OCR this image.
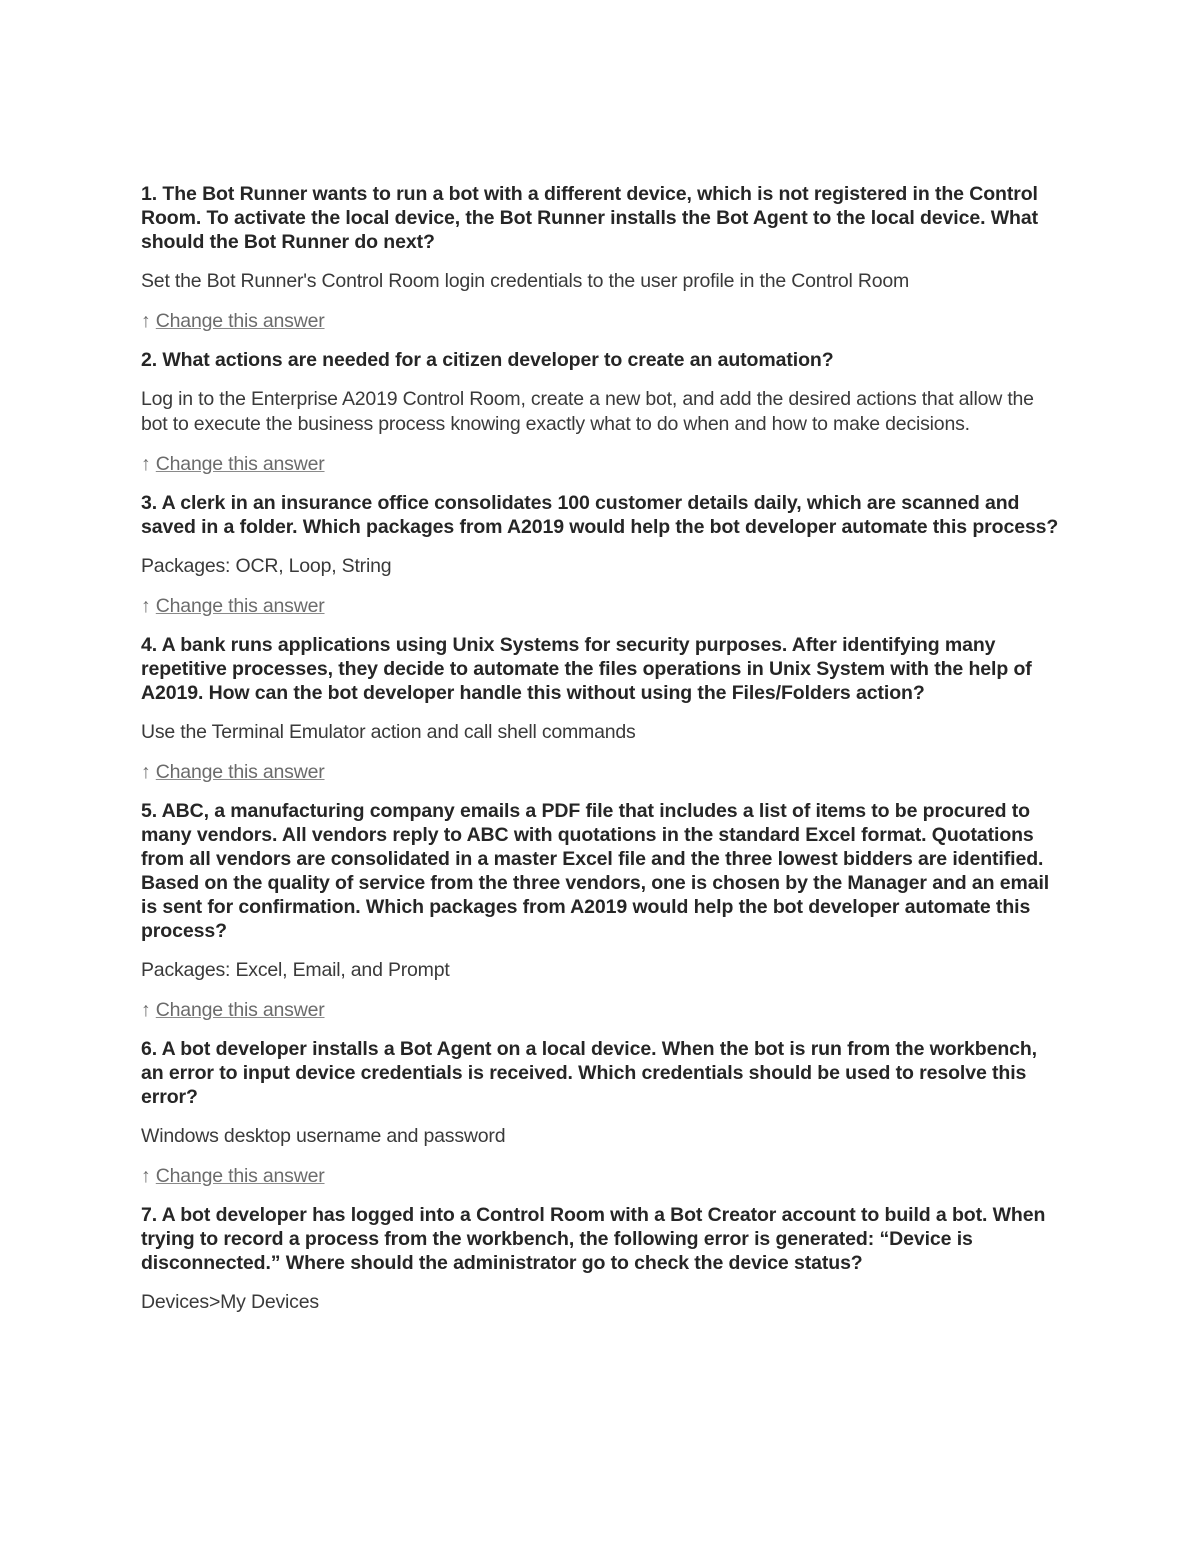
1. The Bot Runner wants to run a bot with a different device, which is not registered in the Control Room. To activate the local device, the Bot Runner installs the Bot Agent to the local device. What should the Bot Runner do next?

Set the Bot Runner's Control Room login credentials to the user profile in the Control Room

↑ Change this answer

2. What actions are needed for a citizen developer to create an automation?

Log in to the Enterprise A2019 Control Room, create a new bot, and add the desired actions that allow the bot to execute the business process knowing exactly what to do when and how to make decisions.

↑ Change this answer

3. A clerk in an insurance office consolidates 100 customer details daily, which are scanned and saved in a folder. Which packages from A2019 would help the bot developer automate this process?

Packages: OCR, Loop, String

↑ Change this answer

4. A bank runs applications using Unix Systems for security purposes. After identifying many repetitive processes, they decide to automate the files operations in Unix System with the help of A2019. How can the bot developer handle this without using the Files/Folders action?

Use the Terminal Emulator action and call shell commands

↑ Change this answer

5. ABC, a manufacturing company emails a PDF file that includes a list of items to be procured to many vendors. All vendors reply to ABC with quotations in the standard Excel format. Quotations from all vendors are consolidated in a master Excel file and the three lowest bidders are identified. Based on the quality of service from the three vendors, one is chosen by the Manager and an email is sent for confirmation. Which packages from A2019 would help the bot developer automate this process?

Packages: Excel, Email, and Prompt

↑ Change this answer

6. A bot developer installs a Bot Agent on a local device. When the bot is run from the workbench, an error to input device credentials is received. Which credentials should be used to resolve this error?

Windows desktop username and password

↑ Change this answer

7. A bot developer has logged into a Control Room with a Bot Creator account to build a bot. When trying to record a process from the workbench, the following error is generated: “Device is disconnected.” Where should the administrator go to check the device status?

Devices>My Devices
